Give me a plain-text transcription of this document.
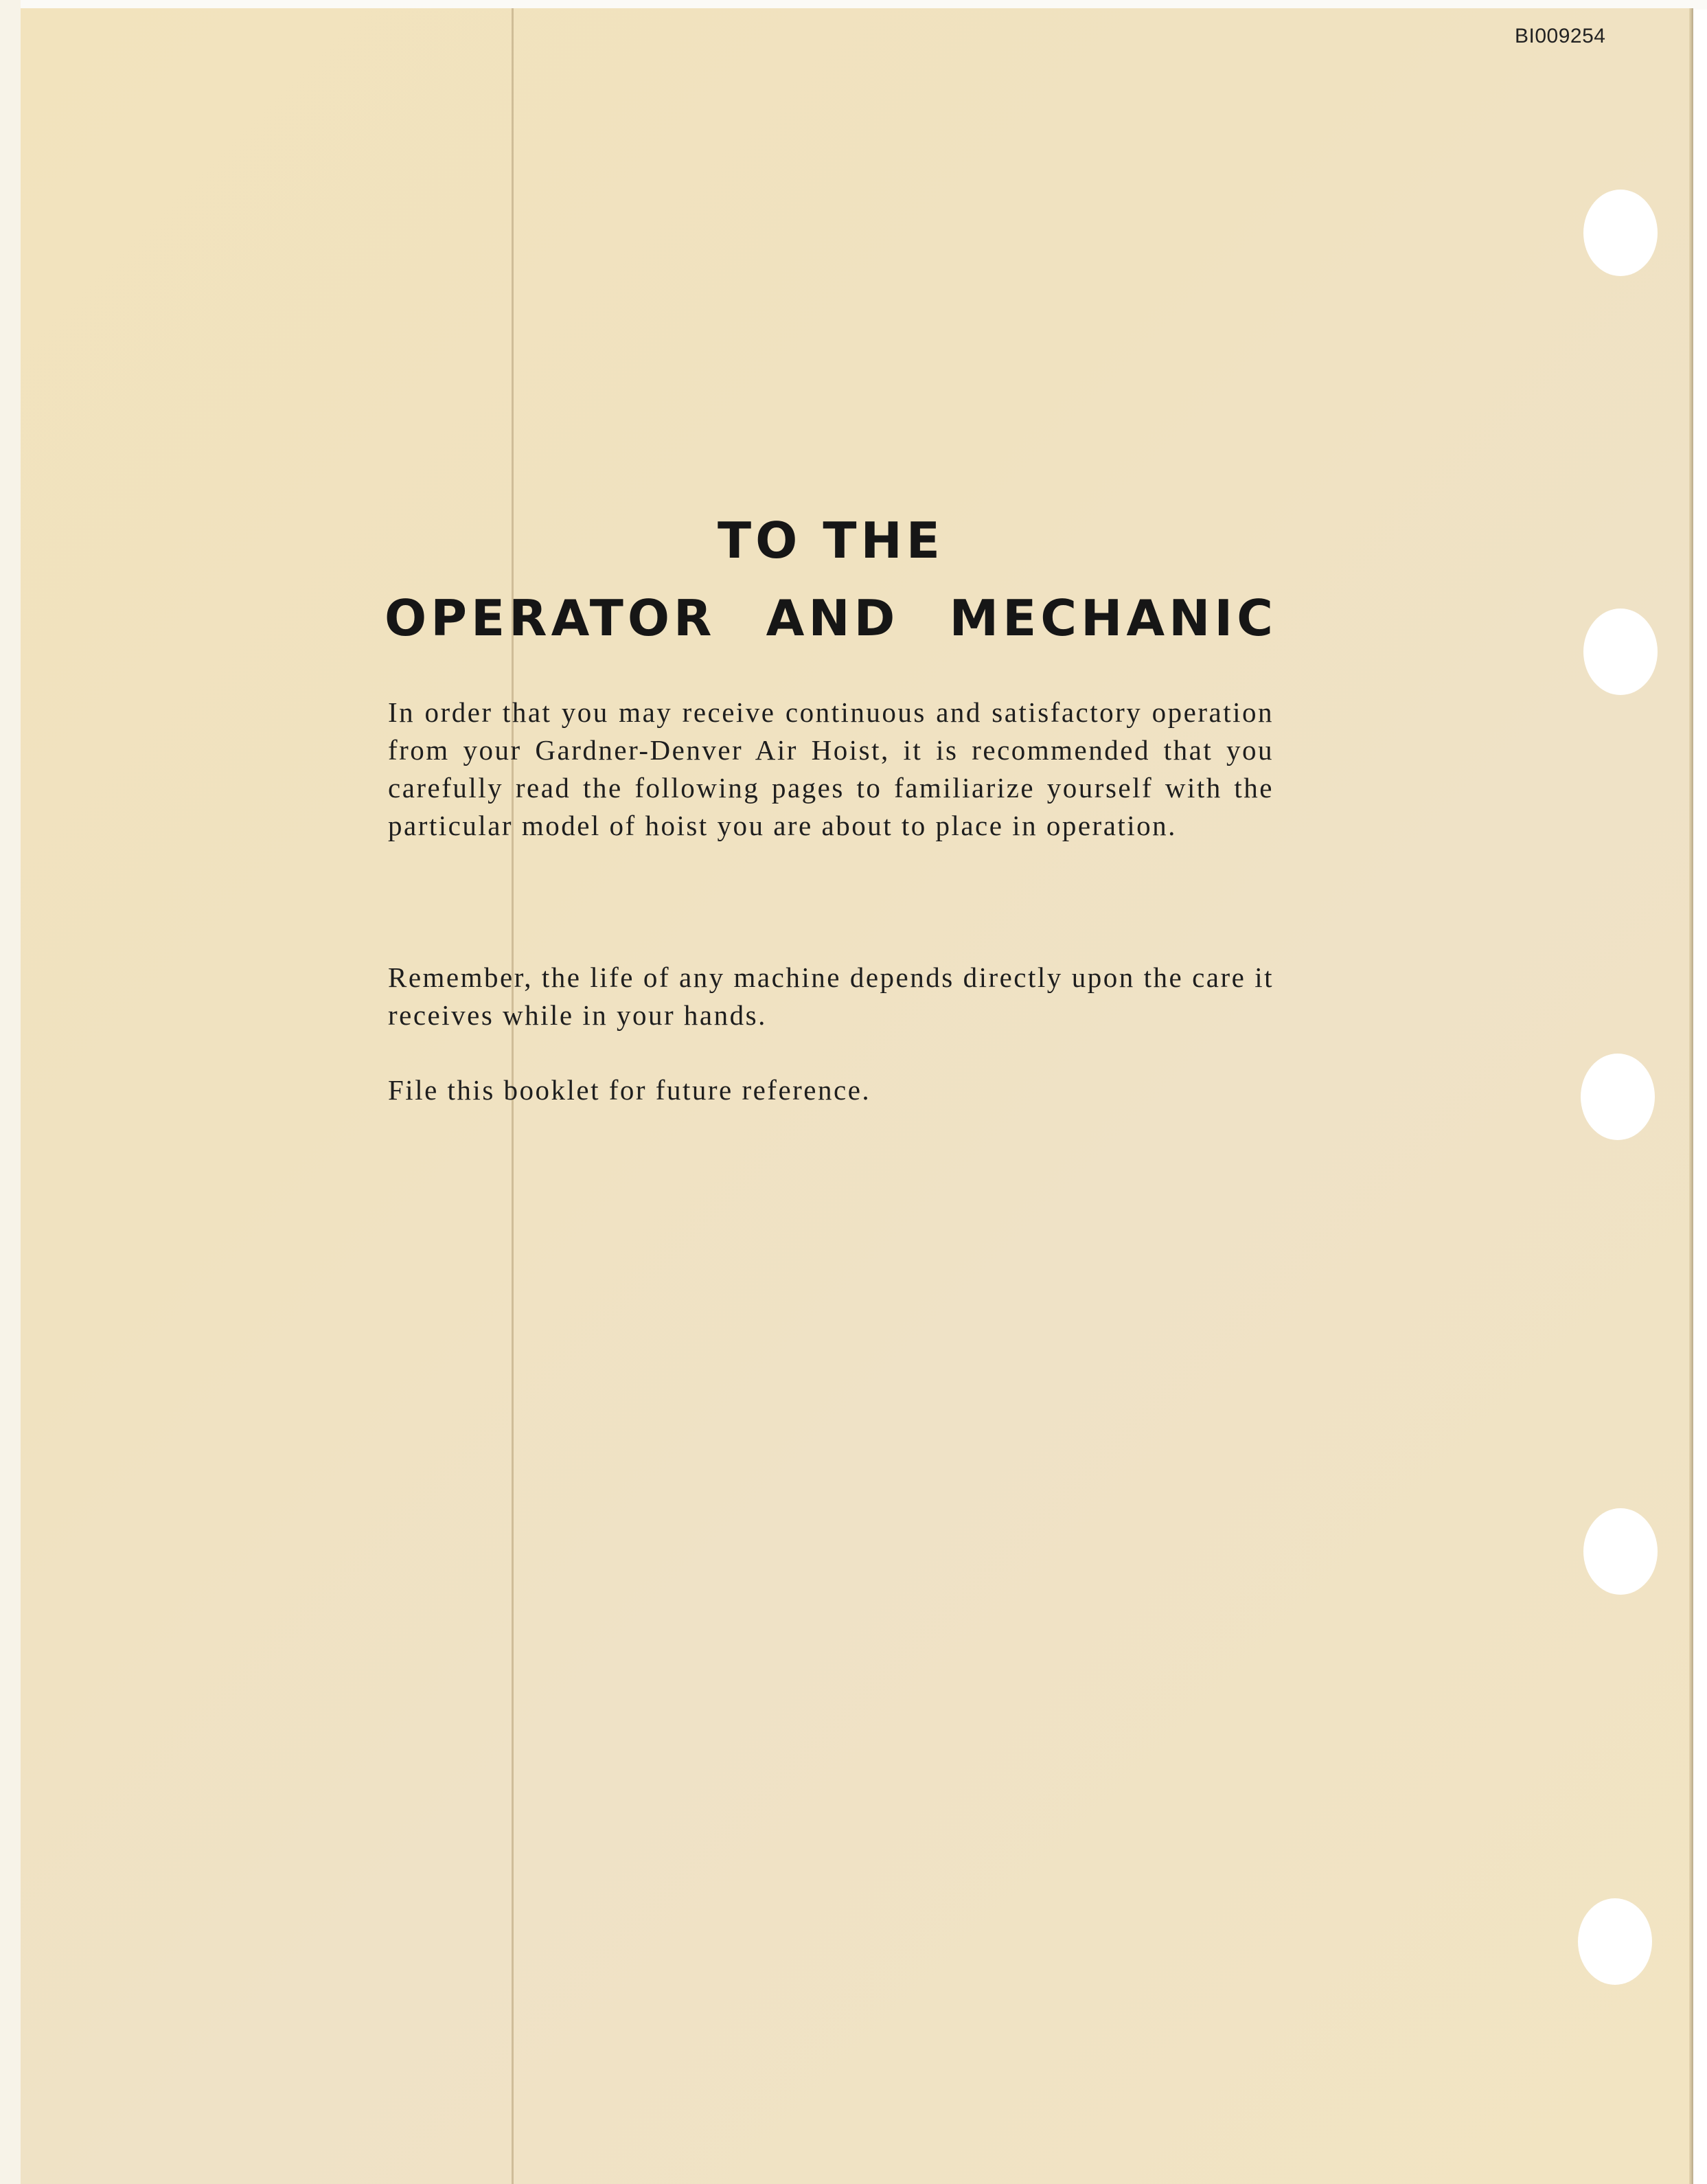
BI009254
TO THE
OPERATOR AND MECHANIC

In order that you may receive continuous and satisfactory operation from your Gardner-Denver Air Hoist, it is recommended that you carefully read the following pages to familiarize yourself with the particular model of hoist you are about to place in operation.

Remember, the life of any machine depends directly upon the care it receives while in your hands.

File this booklet for future reference.
